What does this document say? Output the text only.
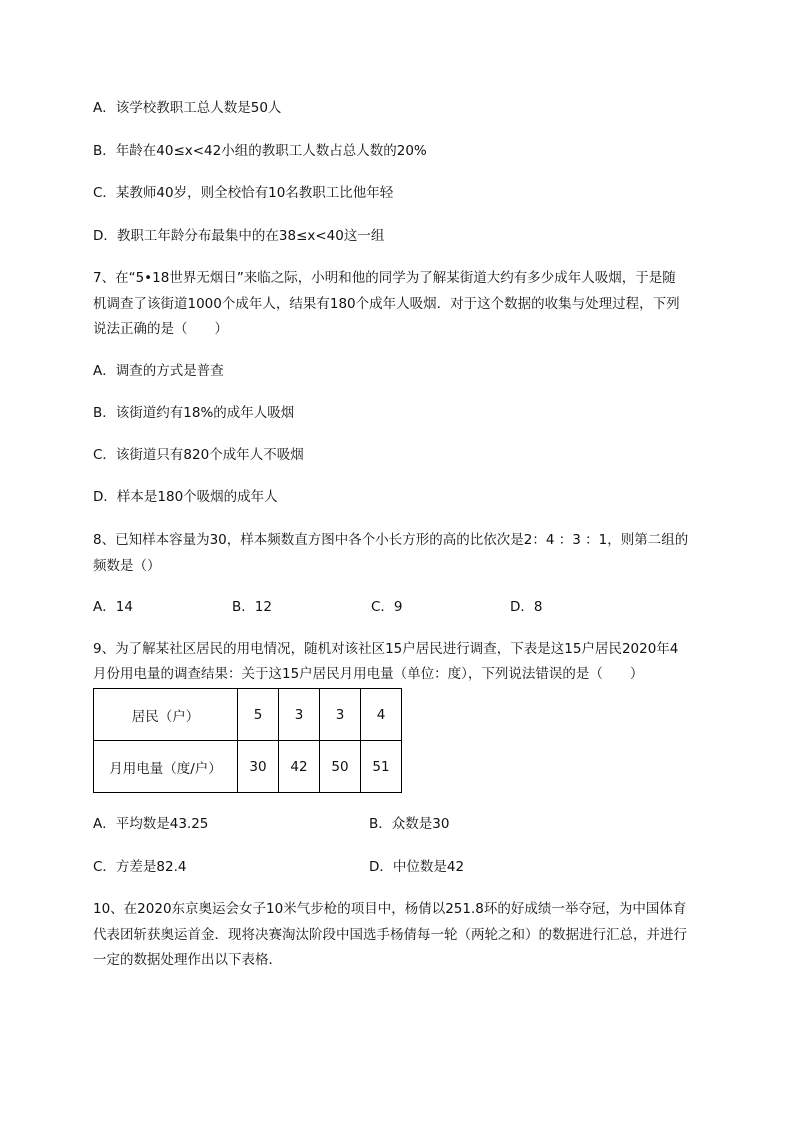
A．该学校教职工总人数是50人
B．年龄在40≤x<42小组的教职工人数占总人数的20%
C．某教师40岁，则全校恰有10名教职工比他年轻
D．教职工年龄分布最集中的在38≤x<40这一组
7、在“5•18世界无烟日”来临之际，小明和他的同学为了解某街道大约有多少成年人吸烟，于是随
机调查了该街道1000个成年人，结果有180个成年人吸烟．对于这个数据的收集与处理过程，下列
说法正确的是（　　）
A．调查的方式是普查
B．该街道约有18%的成年人吸烟
C．该街道只有820个成年人不吸烟
D．样本是180个吸烟的成年人
8、已知样本容量为30，样本频数直方图中各个小长方形的高的比依次是2：4 ：3 ：1，则第二组的
频数是（）
A．14	B．12	C．9	D．8
9、为了解某社区居民的用电情况，随机对该社区15户居民进行调查，下表是这15户居民2020年4
月份用电量的调查结果：关于这15户居民月用电量（单位：度），下列说法错误的是（　　）
居民（户）	5	3	3	4
月用电量（度/户）	30	42	50	51
A．平均数是43.25	B．众数是30
C．方差是82.4	D．中位数是42
10、在2020东京奥运会女子10米气步枪的项目中，杨倩以251.8环的好成绩一举夺冠，为中国体育
代表团斩获奥运首金．现将决赛淘汰阶段中国选手杨倩每一轮（两轮之和）的数据进行汇总，并进行
一定的数据处理作出以下表格．
